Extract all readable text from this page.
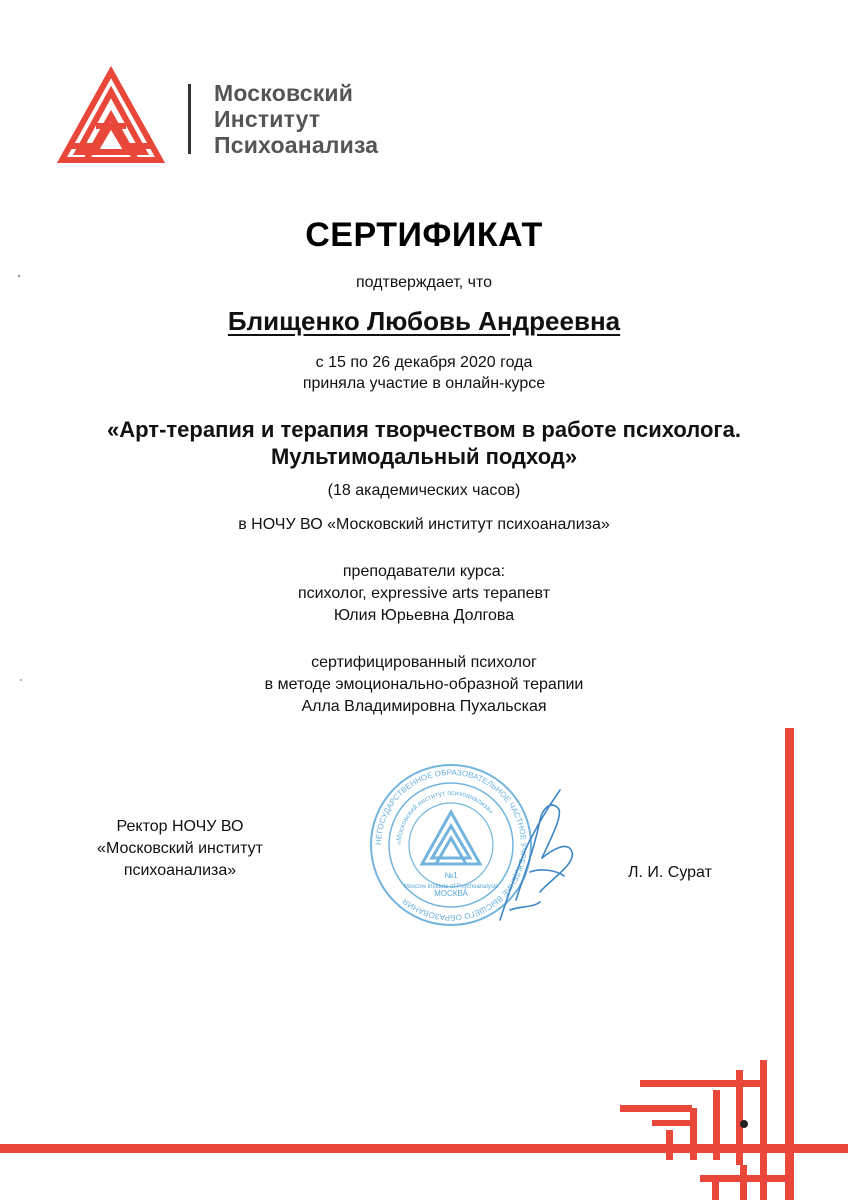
Московский
Институт
Психоанализа
СЕРТИФИКАТ
подтверждает, что
Блищенко Любовь Андреевна
с 15 по 26 декабря 2020 года
приняла участие в онлайн-курсе
«Арт-терапия и терапия творчеством в работе психолога.
Мультимодальный подход»
(18 академических часов)
в НОЧУ ВО «Московский институт психоанализа»
преподаватели курса:
психолог, expressive arts терапевт
Юлия Юрьевна Долгова
сертифицированный психолог
в методе эмоционально-образной терапии
Алла Владимировна Пухальская
Ректор НОЧУ ВО
«Московский институт
психоанализа»	Л. И. Сурат
НЕГОСУДАРСТВЕННОЕ ОБРАЗОВАТЕЛЬНОЕ ЧАСТНОЕ УЧРЕЖДЕНИЕ ВЫСШЕГО ОБРАЗОВАНИЯ
«Московский институт психоанализа»
№1
МОСКВА
Moscow Institute of Psychoanalysis
